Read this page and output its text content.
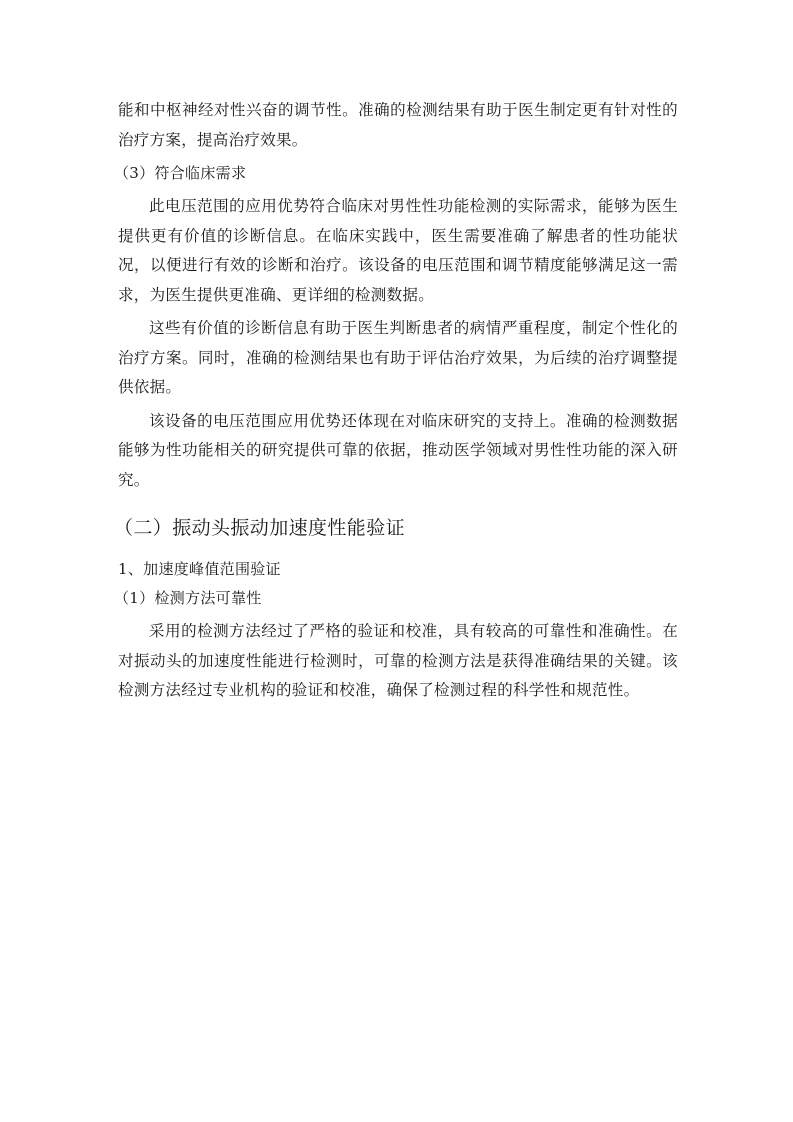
能和中枢神经对性兴奋的调节性。准确的检测结果有助于医生制定更有针对性的治疗方案，提高治疗效果。

（3）符合临床需求

此电压范围的应用优势符合临床对男性性功能检测的实际需求，能够为医生提供更有价值的诊断信息。在临床实践中，医生需要准确了解患者的性功能状况，以便进行有效的诊断和治疗。该设备的电压范围和调节精度能够满足这一需求，为医生提供更准确、更详细的检测数据。

这些有价值的诊断信息有助于医生判断患者的病情严重程度，制定个性化的治疗方案。同时，准确的检测结果也有助于评估治疗效果，为后续的治疗调整提供依据。

该设备的电压范围应用优势还体现在对临床研究的支持上。准确的检测数据能够为性功能相关的研究提供可靠的依据，推动医学领域对男性性功能的深入研究。

（二）振动头振动加速度性能验证

1、加速度峰值范围验证

（1）检测方法可靠性

采用的检测方法经过了严格的验证和校准，具有较高的可靠性和准确性。在对振动头的加速度性能进行检测时，可靠的检测方法是获得准确结果的关键。该检测方法经过专业机构的验证和校准，确保了检测过程的科学性和规范性。
